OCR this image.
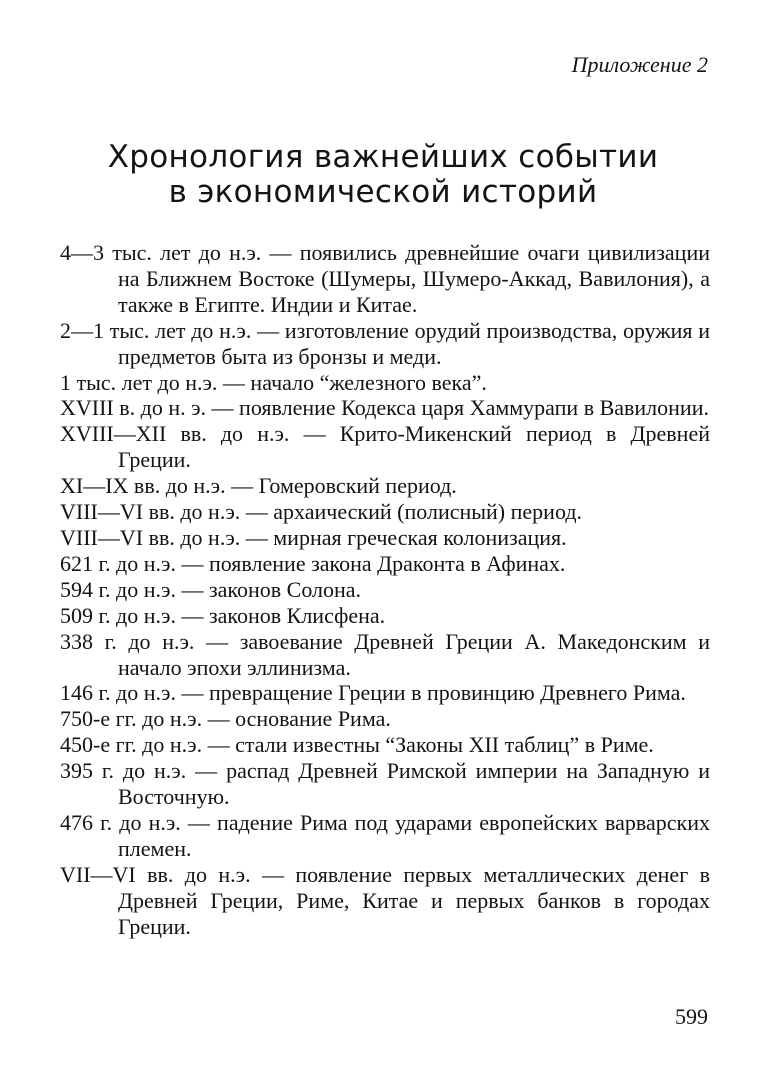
Приложение 2
Хронология важнейших событии
в экономической историй
4—3 тыс. лет до н.э. — появились древнейшие очаги цивилизации на Ближнем Востоке (Шумеры, Шумеро-Аккад, Вавилония), а также в Египте. Индии и Китае.
2—1 тыс. лет до н.э. — изготовление орудий производства, оружия и предметов быта из бронзы и меди.
1 тыс. лет до н.э. — начало “железного века”.
XVIII в. до н. э. — появление Кодекса царя Хаммурапи в Вавилонии.
XVIII—XII вв. до н.э. — Крито-Микенский период в Древней Греции.
XI—IX вв. до н.э. — Гомеровский период.
VIII—VI вв. до н.э. — архаический (полисный) период.
VIII—VI вв. до н.э. — мирная греческая колонизация.
621 г. до н.э. — появление закона Драконта в Афинах.
594 г. до н.э. — законов Солона.
509 г. до н.э. — законов Клисфена.
338 г. до н.э. — завоевание Древней Греции А. Македонским и начало эпохи эллинизма.
146 г. до н.э. — превращение Греции в провинцию Древнего Рима.
750-е гг. до н.э. — основание Рима.
450-е гг. до н.э. — стали известны “Законы XII таблиц” в Риме.
395 г. до н.э. — распад Древней Римской империи на Западную и Восточную.
476 г. до н.э. — падение Рима под ударами европейских варварских племен.
VII—VI вв. до н.э. — появление первых металлических денег в Древней Греции, Риме, Китае и первых банков в городах Греции.
599
